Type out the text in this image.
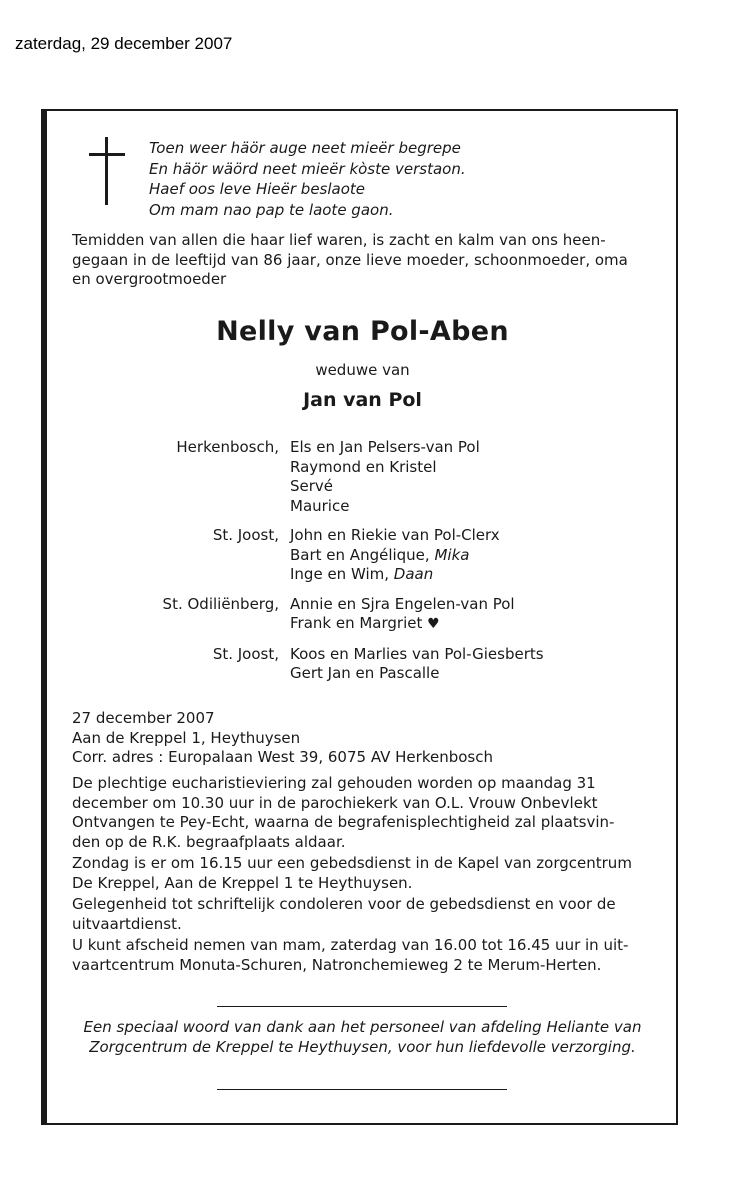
zaterdag, 29 december 2007
Toen weer häör auge neet mieër begrepe
En häör wäörd neet mieër kòste verstaon.
Haef oos leve Hieër beslaote
Om mam nao pap te laote gaon.
Temidden van allen die haar lief waren, is zacht en kalm van ons heen-
gegaan in de leeftijd van 86 jaar, onze lieve moeder, schoonmoeder, oma
en overgrootmoeder
Nelly van Pol-Aben
weduwe van
Jan van Pol
Herkenbosch, Els en Jan Pelsers-van Pol
Raymond en Kristel
Servé
Maurice
St. Joost, John en Riekie van Pol-Clerx
Bart en Angélique, Mika
Inge en Wim, Daan
St. Odiliënberg, Annie en Sjra Engelen-van Pol
Frank en Margriet ♥
St. Joost, Koos en Marlies van Pol-Giesberts
Gert Jan en Pascalle
27 december 2007
Aan de Kreppel 1, Heythuysen
Corr. adres : Europalaan West 39, 6075 AV Herkenbosch
De plechtige eucharistieviering zal gehouden worden op maandag 31
december om 10.30 uur in de parochiekerk van O.L. Vrouw Onbevlekt
Ontvangen te Pey-Echt, waarna de begrafenisplechtigheid zal plaatsvin-
den op de R.K. begraafplaats aldaar.
Zondag is er om 16.15 uur een gebedsdienst in de Kapel van zorgcentrum
De Kreppel, Aan de Kreppel 1 te Heythuysen.
Gelegenheid tot schriftelijk condoleren voor de gebedsdienst en voor de
uitvaartdienst.
U kunt afscheid nemen van mam, zaterdag van 16.00 tot 16.45 uur in uit-
vaartcentrum Monuta-Schuren, Natronchemieweg 2 te Merum-Herten.
Een speciaal woord van dank aan het personeel van afdeling Heliante van
Zorgcentrum de Kreppel te Heythuysen, voor hun liefdevolle verzorging.
